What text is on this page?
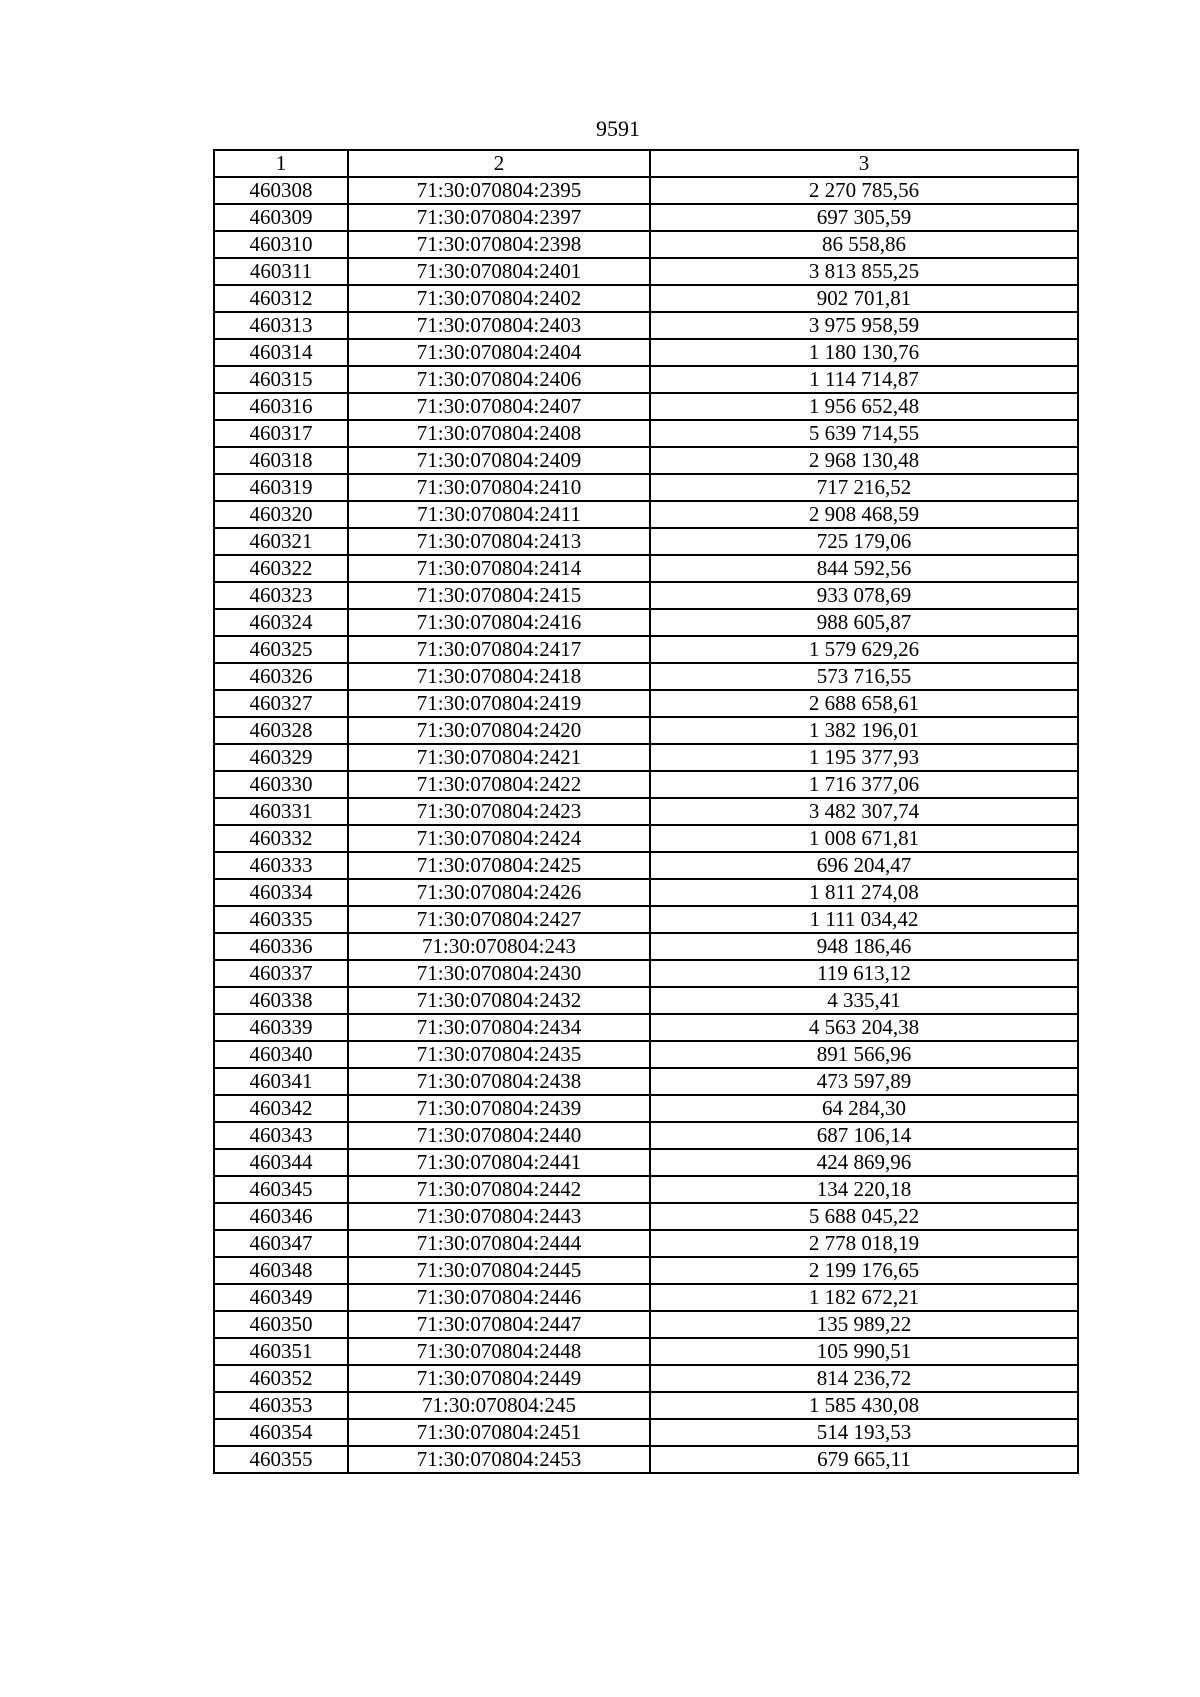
9591
1	2	3
460308	71:30:070804:2395	2 270 785,56
460309	71:30:070804:2397	697 305,59
460310	71:30:070804:2398	86 558,86
460311	71:30:070804:2401	3 813 855,25
460312	71:30:070804:2402	902 701,81
460313	71:30:070804:2403	3 975 958,59
460314	71:30:070804:2404	1 180 130,76
460315	71:30:070804:2406	1 114 714,87
460316	71:30:070804:2407	1 956 652,48
460317	71:30:070804:2408	5 639 714,55
460318	71:30:070804:2409	2 968 130,48
460319	71:30:070804:2410	717 216,52
460320	71:30:070804:2411	2 908 468,59
460321	71:30:070804:2413	725 179,06
460322	71:30:070804:2414	844 592,56
460323	71:30:070804:2415	933 078,69
460324	71:30:070804:2416	988 605,87
460325	71:30:070804:2417	1 579 629,26
460326	71:30:070804:2418	573 716,55
460327	71:30:070804:2419	2 688 658,61
460328	71:30:070804:2420	1 382 196,01
460329	71:30:070804:2421	1 195 377,93
460330	71:30:070804:2422	1 716 377,06
460331	71:30:070804:2423	3 482 307,74
460332	71:30:070804:2424	1 008 671,81
460333	71:30:070804:2425	696 204,47
460334	71:30:070804:2426	1 811 274,08
460335	71:30:070804:2427	1 111 034,42
460336	71:30:070804:243	948 186,46
460337	71:30:070804:2430	119 613,12
460338	71:30:070804:2432	4 335,41
460339	71:30:070804:2434	4 563 204,38
460340	71:30:070804:2435	891 566,96
460341	71:30:070804:2438	473 597,89
460342	71:30:070804:2439	64 284,30
460343	71:30:070804:2440	687 106,14
460344	71:30:070804:2441	424 869,96
460345	71:30:070804:2442	134 220,18
460346	71:30:070804:2443	5 688 045,22
460347	71:30:070804:2444	2 778 018,19
460348	71:30:070804:2445	2 199 176,65
460349	71:30:070804:2446	1 182 672,21
460350	71:30:070804:2447	135 989,22
460351	71:30:070804:2448	105 990,51
460352	71:30:070804:2449	814 236,72
460353	71:30:070804:245	1 585 430,08
460354	71:30:070804:2451	514 193,53
460355	71:30:070804:2453	679 665,11
